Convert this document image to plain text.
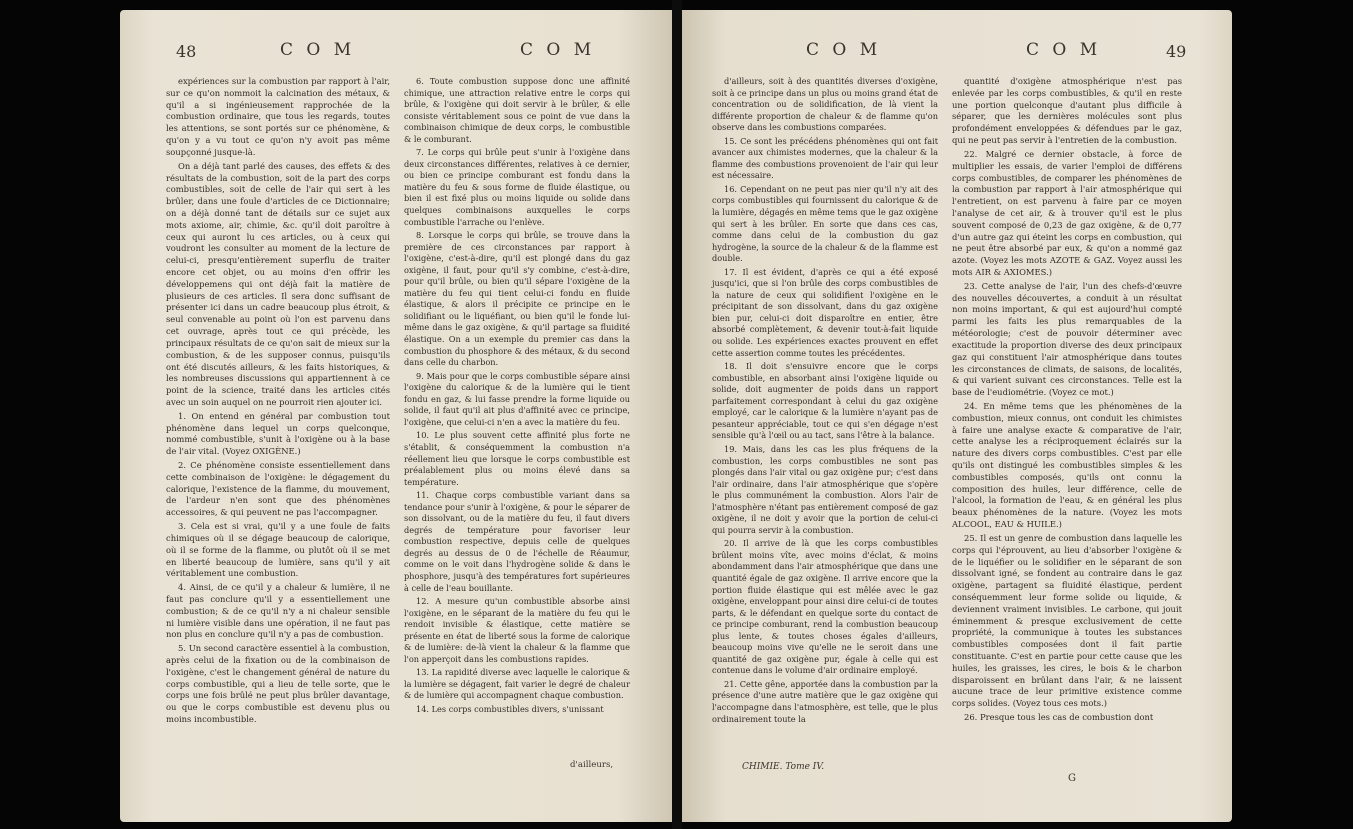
48	C O M	C O M

expériences sur la combustion par rapport à l'air, sur ce qu'on nommoit la calcination des métaux, & qu'il a si ingénieusement rapprochée de la combustion ordinaire, que tous les regards, toutes les attentions, se sont portés sur ce phénomène, & qu'on y a vu tout ce qu'on n'y avoit pas même soupçonné jusque-là.

On a déjà tant parlé des causes, des effets & des résultats de la combustion, soit de la part des corps combustibles, soit de celle de l'air qui sert à les brûler, dans une foule d'articles de ce Dictionnaire; on a déjà donné tant de détails sur ce sujet aux mots axiome, air, chimie, &c. qu'il doit paroître à ceux qui auront lu ces articles, ou à ceux qui voudront les consulter au moment de la lecture de celui-ci, presqu'entièrement superflu de traiter encore cet objet, ou au moins d'en offrir les développemens qui ont déjà fait la matière de plusieurs de ces articles. Il sera donc suffisant de présenter ici dans un cadre beaucoup plus étroit, & seul convenable au point où l'on est parvenu dans cet ouvrage, après tout ce qui précède, les principaux résultats de ce qu'on sait de mieux sur la combustion, & de les supposer connus, puisqu'ils ont été discutés ailleurs, & les faits historiques, & les nombreuses discussions qui appartiennent à ce point de la science, traité dans les articles cités avec un soin auquel on ne pourroit rien ajouter ici.

1. On entend en général par combustion tout phénomène dans lequel un corps quelconque, nommé combustible, s'unit à l'oxigène ou à la base de l'air vital. (Voyez OXIGÈNE.)

2. Ce phénomène consiste essentiellement dans cette combinaison de l'oxigène: le dégagement du calorique, l'existence de la flamme, du mouvement, de l'ardeur n'en sont que des phénomènes accessoires, & qui peuvent ne pas l'accompagner.

3. Cela est si vrai, qu'il y a une foule de faits chimiques où il se dégage beaucoup de calorique, où il se forme de la flamme, ou plutôt où il se met en liberté beaucoup de lumière, sans qu'il y ait véritablement une combustion.

4. Ainsi, de ce qu'il y a chaleur & lumière, il ne faut pas conclure qu'il y a essentiellement une combustion; & de ce qu'il n'y a ni chaleur sensible ni lumière visible dans une opération, il ne faut pas non plus en conclure qu'il n'y a pas de combustion.

5. Un second caractère essentiel à la combustion, après celui de la fixation ou de la combinaison de l'oxigène, c'est le changement général de nature du corps combustible, qui a lieu de telle sorte, que le corps une fois brûlé ne peut plus brûler davantage, ou que le corps combustible est devenu plus ou moins incombustible.

6. Toute combustion suppose donc une affinité chimique, une attraction relative entre le corps qui brûle, & l'oxigène qui doit servir à le brûler, & elle consiste véritablement sous ce point de vue dans la combinaison chimique de deux corps, le combustible & le comburant.

7. Le corps qui brûle peut s'unir à l'oxigène dans deux circonstances différentes, relatives à ce dernier, ou bien ce principe comburant est fondu dans la matière du feu & sous forme de fluide élastique, ou bien il est fixé plus ou moins liquide ou solide dans quelques combinaisons auxquelles le corps combustible l'arrache ou l'enlève.

8. Lorsque le corps qui brûle, se trouve dans la première de ces circonstances par rapport à l'oxigène, c'est-à-dire, qu'il est plongé dans du gaz oxigène, il faut, pour qu'il s'y combine, c'est-à-dire, pour qu'il brûle, ou bien qu'il sépare l'oxigène de la matière du feu qui tient celui-ci fondu en fluide élastique, & alors il précipite ce principe en le solidifiant ou le liquéfiant, ou bien qu'il le fonde lui-même dans le gaz oxigène, & qu'il partage sa fluidité élastique. On a un exemple du premier cas dans la combustion du phosphore & des métaux, & du second dans celle du charbon.

9. Mais pour que le corps combustible sépare ainsi l'oxigène du calorique & de la lumière qui le tient fondu en gaz, & lui fasse prendre la forme liquide ou solide, il faut qu'il ait plus d'affinité avec ce principe, l'oxigène, que celui-ci n'en a avec la matière du feu.

10. Le plus souvent cette affinité plus forte ne s'établit, & conséquemment la combustion n'a réellement lieu que lorsque le corps combustible est préalablement plus ou moins élevé dans sa température.

11. Chaque corps combustible variant dans sa tendance pour s'unir à l'oxigène, & pour le séparer de son dissolvant, ou de la matière du feu, il faut divers degrés de température pour favoriser leur combustion respective, depuis celle de quelques degrés au dessus de 0 de l'échelle de Réaumur, comme on le voit dans l'hydrogène solide & dans le phosphore, jusqu'à des températures fort supérieures à celle de l'eau bouillante.

12. A mesure qu'un combustible absorbe ainsi l'oxigène, en le séparant de la matière du feu qui le rendoit invisible & élastique, cette matière se présente en état de liberté sous la forme de calorique & de lumière: de-là vient la chaleur & la flamme que l'on apperçoit dans les combustions rapides.

13. La rapidité diverse avec laquelle le calorique & la lumière se dégagent, fait varier le degré de chaleur & de lumière qui accompagnent chaque combustion.

14. Les corps combustibles divers, s'unissant

d'ailleurs,
C O M	C O M	49

d'ailleurs, soit à des quantités diverses d'oxigène, soit à ce principe dans un plus ou moins grand état de concentration ou de solidification, de là vient la différente proportion de chaleur & de flamme qu'on observe dans les combustions comparées.

15. Ce sont les précédens phénomènes qui ont fait avancer aux chimistes modernes, que la chaleur & la flamme des combustions provenoient de l'air qui leur est nécessaire.

16. Cependant on ne peut pas nier qu'il n'y ait des corps combustibles qui fournissent du calorique & de la lumière, dégagés en même tems que le gaz oxigène qui sert à les brûler. En sorte que dans ces cas, comme dans celui de la combustion du gaz hydrogène, la source de la chaleur & de la flamme est double.

17. Il est évident, d'après ce qui a été exposé jusqu'ici, que si l'on brûle des corps combustibles de la nature de ceux qui solidifient l'oxigène en le précipitant de son dissolvant, dans du gaz oxigène bien pur, celui-ci doit disparoître en entier, être absorbé complètement, & devenir tout-à-fait liquide ou solide. Les expériences exactes prouvent en effet cette assertion comme toutes les précédentes.

18. Il doit s'ensuivre encore que le corps combustible, en absorbant ainsi l'oxigène liquide ou solide, doit augmenter de poids dans un rapport parfaitement correspondant à celui du gaz oxigène employé, car le calorique & la lumière n'ayant pas de pesanteur appréciable, tout ce qui s'en dégage n'est sensible qu'à l'œil ou au tact, sans l'être à la balance.

19. Mais, dans les cas les plus fréquens de la combustion, les corps combustibles ne sont pas plongés dans l'air vital ou gaz oxigène pur; c'est dans l'air ordinaire, dans l'air atmosphérique que s'opère le plus communément la combustion. Alors l'air de l'atmosphère n'étant pas entièrement composé de gaz oxigène, il ne doit y avoir que la portion de celui-ci qui pourra servir à la combustion.

20. Il arrive de là que les corps combustibles brûlent moins vîte, avec moins d'éclat, & moins abondamment dans l'air atmosphérique que dans une quantité égale de gaz oxigène. Il arrive encore que la portion fluide élastique qui est mêlée avec le gaz oxigène, enveloppant pour ainsi dire celui-ci de toutes parts, & le défendant en quelque sorte du contact de ce principe comburant, rend la combustion beaucoup plus lente, & toutes choses égales d'ailleurs, beaucoup moins vive qu'elle ne le seroit dans une quantité de gaz oxigène pur, égale à celle qui est contenue dans le volume d'air ordinaire employé.

21. Cette gêne, apportée dans la combustion par la présence d'une autre matière que le gaz oxigène qui l'accompagne dans l'atmosphère, est telle, que le plus ordinairement toute la

quantité d'oxigène atmosphérique n'est pas enlevée par les corps combustibles, & qu'il en reste une portion quelconque d'autant plus difficile à séparer, que les dernières molécules sont plus profondément enveloppées & défendues par le gaz, qui ne peut pas servir à l'entretien de la combustion.

22. Malgré ce dernier obstacle, à force de multiplier les essais, de varier l'emploi de différens corps combustibles, de comparer les phénomènes de la combustion par rapport à l'air atmosphérique qui l'entretient, on est parvenu à faire par ce moyen l'analyse de cet air, & à trouver qu'il est le plus souvent composé de 0,23 de gaz oxigène, & de 0,77 d'un autre gaz qui éteint les corps en combustion, qui ne peut être absorbé par eux, & qu'on a nommé gaz azote. (Voyez les mots AZOTE & GAZ. Voyez aussi les mots AIR & AXIOMES.)

23. Cette analyse de l'air, l'un des chefs-d'œuvre des nouvelles découvertes, a conduit à un résultat non moins important, & qui est aujourd'hui compté parmi les faits les plus remarquables de la météorologie; c'est de pouvoir déterminer avec exactitude la proportion diverse des deux principaux gaz qui constituent l'air atmosphérique dans toutes les circonstances de climats, de saisons, de localités, & qui varient suivant ces circonstances. Telle est la base de l'eudiométrie. (Voyez ce mot.)

24. En même tems que les phénomènes de la combustion, mieux connus, ont conduit les chimistes à faire une analyse exacte & comparative de l'air, cette analyse les a réciproquement éclairés sur la nature des divers corps combustibles. C'est par elle qu'ils ont distingué les combustibles simples & les combustibles composés, qu'ils ont connu la composition des huiles, leur différence, celle de l'alcool, la formation de l'eau, & en général les plus beaux phénomènes de la nature. (Voyez les mots ALCOOL, EAU & HUILE.)

25. Il est un genre de combustion dans laquelle les corps qui l'éprouvent, au lieu d'absorber l'oxigène & de le liquéfier ou le solidifier en le séparant de son dissolvant igné, se fondent au contraire dans le gaz oxigène, partagent sa fluidité élastique, perdent conséquemment leur forme solide ou liquide, & deviennent vraiment invisibles. Le carbone, qui jouit éminemment & presque exclusivement de cette propriété, la communique à toutes les substances combustibles composées dont il fait partie constituante. C'est en partie pour cette cause que les huiles, les graisses, les cires, le bois & le charbon disparoissent en brûlant dans l'air, & ne laissent aucune trace de leur primitive existence comme corps solides. (Voyez tous ces mots.)

26. Presque tous les cas de combustion dont

CHIMIE. Tome IV.
G
